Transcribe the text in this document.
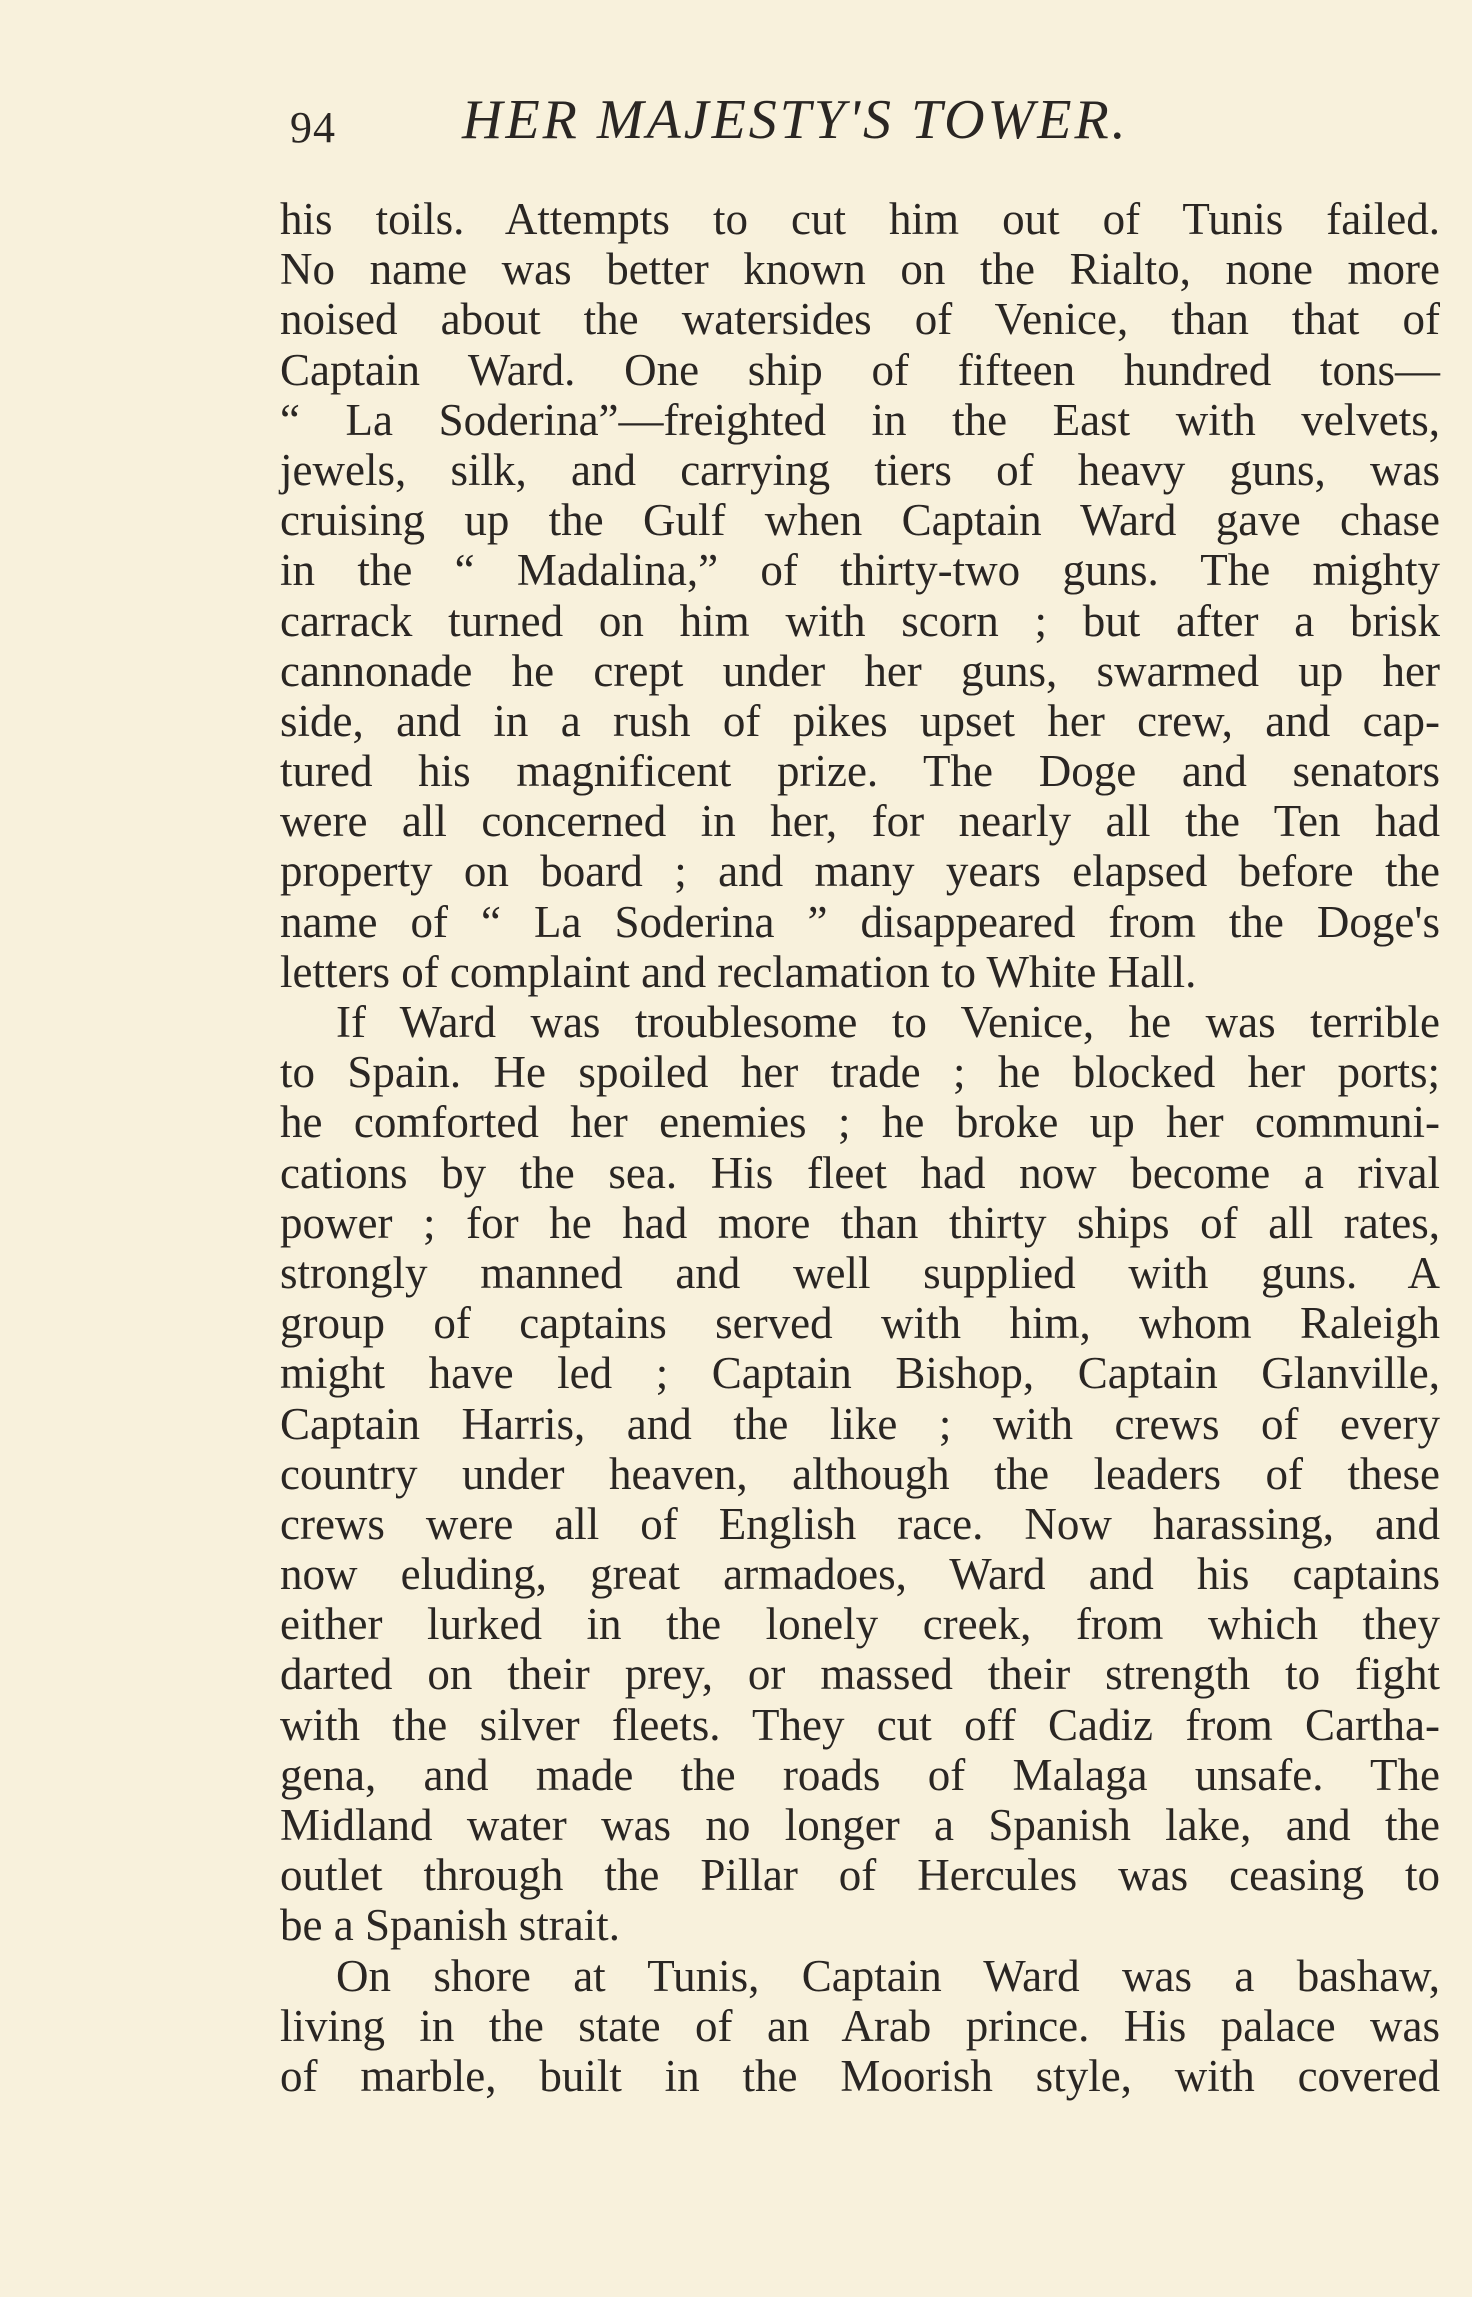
94 HER MAJESTY'S TOWER.
his toils. Attempts to cut him out of Tunis failed.
No name was better known on the Rialto, none more
noised about the watersides of Venice, than that of
Captain Ward. One ship of fifteen hundred tons—
“ La Soderina”—freighted in the East with velvets,
jewels, silk, and carrying tiers of heavy guns, was
cruising up the Gulf when Captain Ward gave chase
in the “ Madalina,” of thirty-two guns. The mighty
carrack turned on him with scorn ; but after a brisk
cannonade he crept under her guns, swarmed up her
side, and in a rush of pikes upset her crew, and cap-
tured his magnificent prize. The Doge and senators
were all concerned in her, for nearly all the Ten had
property on board ; and many years elapsed before the
name of “ La Soderina ” disappeared from the Doge's
letters of complaint and reclamation to White Hall.
If Ward was troublesome to Venice, he was terrible
to Spain. He spoiled her trade ; he blocked her ports;
he comforted her enemies ; he broke up her communi-
cations by the sea. His fleet had now become a rival
power ; for he had more than thirty ships of all rates,
strongly manned and well supplied with guns. A
group of captains served with him, whom Raleigh
might have led ; Captain Bishop, Captain Glanville,
Captain Harris, and the like ; with crews of every
country under heaven, although the leaders of these
crews were all of English race. Now harassing, and
now eluding, great armadoes, Ward and his captains
either lurked in the lonely creek, from which they
darted on their prey, or massed their strength to fight
with the silver fleets. They cut off Cadiz from Cartha-
gena, and made the roads of Malaga unsafe. The
Midland water was no longer a Spanish lake, and the
outlet through the Pillar of Hercules was ceasing to
be a Spanish strait.
On shore at Tunis, Captain Ward was a bashaw,
living in the state of an Arab prince. His palace was
of marble, built in the Moorish style, with covered
